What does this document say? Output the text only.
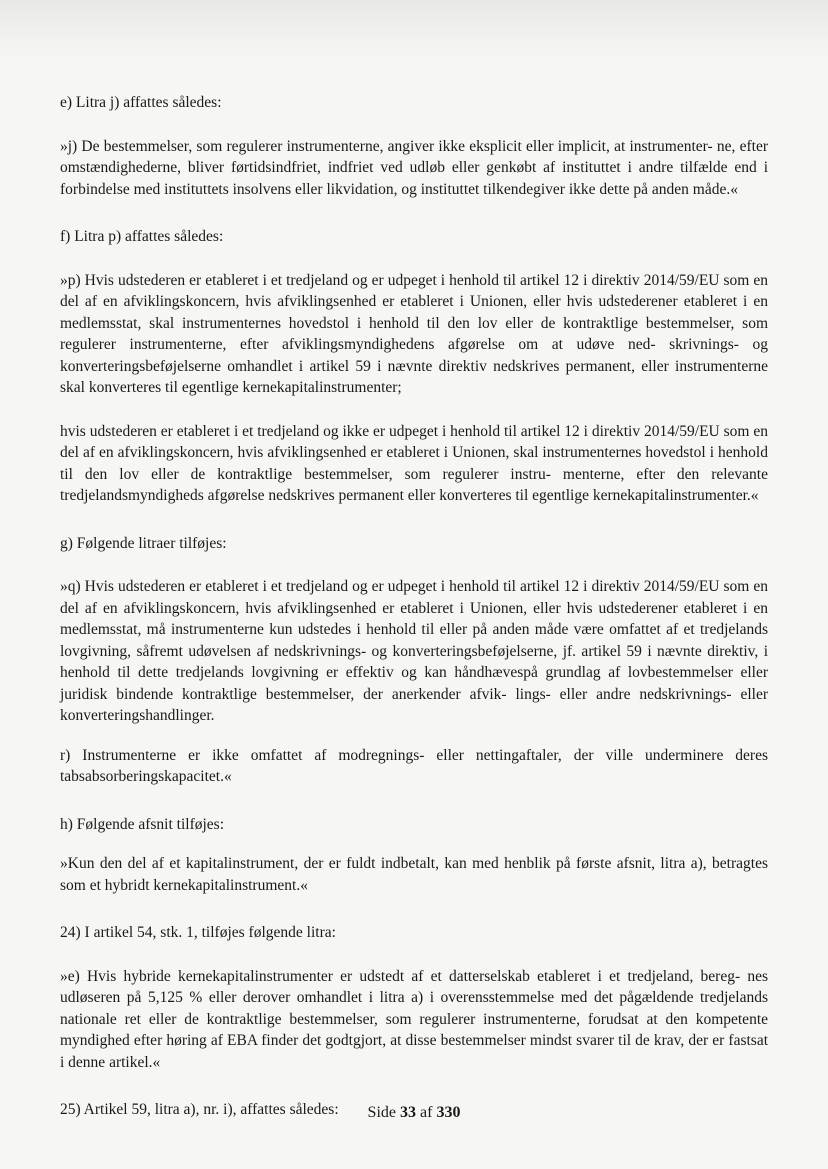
e) Litra j) affattes således:

»j) De bestemmelser, som regulerer instrumenterne, angiver ikke eksplicit eller implicit, at instrumenter- ne, efter omstændighederne, bliver førtidsindfriet, indfriet ved udløb eller genkøbt af instituttet i andre tilfælde end i forbindelse med instituttets insolvens eller likvidation, og instituttet tilkendegiver ikke dette på anden måde.«

f) Litra p) affattes således:

»p) Hvis udstederen er etableret i et tredjeland og er udpeget i henhold til artikel 12 i direktiv 2014/59/EU som en del af en afviklingskoncern, hvis afviklingsenhed er etableret i Unionen, eller hvis udstederener etableret i en medlemsstat, skal instrumenternes hovedstol i henhold til den lov eller de kontraktlige bestemmelser, som regulerer instrumenterne, efter afviklingsmyndighedens afgørelse om at udøve ned- skrivnings- og konverteringsbeføjelserne omhandlet i artikel 59 i nævnte direktiv nedskrives permanent, eller instrumenterne skal konverteres til egentlige kernekapitalinstrumenter;

hvis udstederen er etableret i et tredjeland og ikke er udpeget i henhold til artikel 12 i direktiv 2014/59/EU som en del af en afviklingskoncern, hvis afviklingsenhed er etableret i Unionen, skal instrumenternes hovedstol i henhold til den lov eller de kontraktlige bestemmelser, som regulerer instru- menterne, efter den relevante tredjelandsmyndigheds afgørelse nedskrives permanent eller konverteres til egentlige kernekapitalinstrumenter.«

g) Følgende litraer tilføjes:

»q) Hvis udstederen er etableret i et tredjeland og er udpeget i henhold til artikel 12 i direktiv 2014/59/EU som en del af en afviklingskoncern, hvis afviklingsenhed er etableret i Unionen, eller hvis udstederener etableret i en medlemsstat, må instrumenterne kun udstedes i henhold til eller på anden måde være omfattet af et tredjelands lovgivning, såfremt udøvelsen af nedskrivnings- og konverteringsbeføjelserne, jf. artikel 59 i nævnte direktiv, i henhold til dette tredjelands lovgivning er effektiv og kan håndhævespå grundlag af lovbestemmelser eller juridisk bindende kontraktlige bestemmelser, der anerkender afvik- lings- eller andre nedskrivnings- eller konverteringshandlinger.

r) Instrumenterne er ikke omfattet af modregnings- eller nettingaftaler, der ville underminere deres tabsabsorberingskapacitet.«

h) Følgende afsnit tilføjes:

»Kun den del af et kapitalinstrument, der er fuldt indbetalt, kan med henblik på første afsnit, litra a), betragtes som et hybridt kernekapitalinstrument.«

24) I artikel 54, stk. 1, tilføjes følgende litra:

»e) Hvis hybride kernekapitalinstrumenter er udstedt af et datterselskab etableret i et tredjeland, bereg- nes udløseren på 5,125 % eller derover omhandlet i litra a) i overensstemmelse med det pågældende tredjelands nationale ret eller de kontraktlige bestemmelser, som regulerer instrumenterne, forudsat at den kompetente myndighed efter høring af EBA finder det godtgjort, at disse bestemmelser mindst svarer til de krav, der er fastsat i denne artikel.«

25) Artikel 59, litra a), nr. i), affattes således:	Side 33 af 330
